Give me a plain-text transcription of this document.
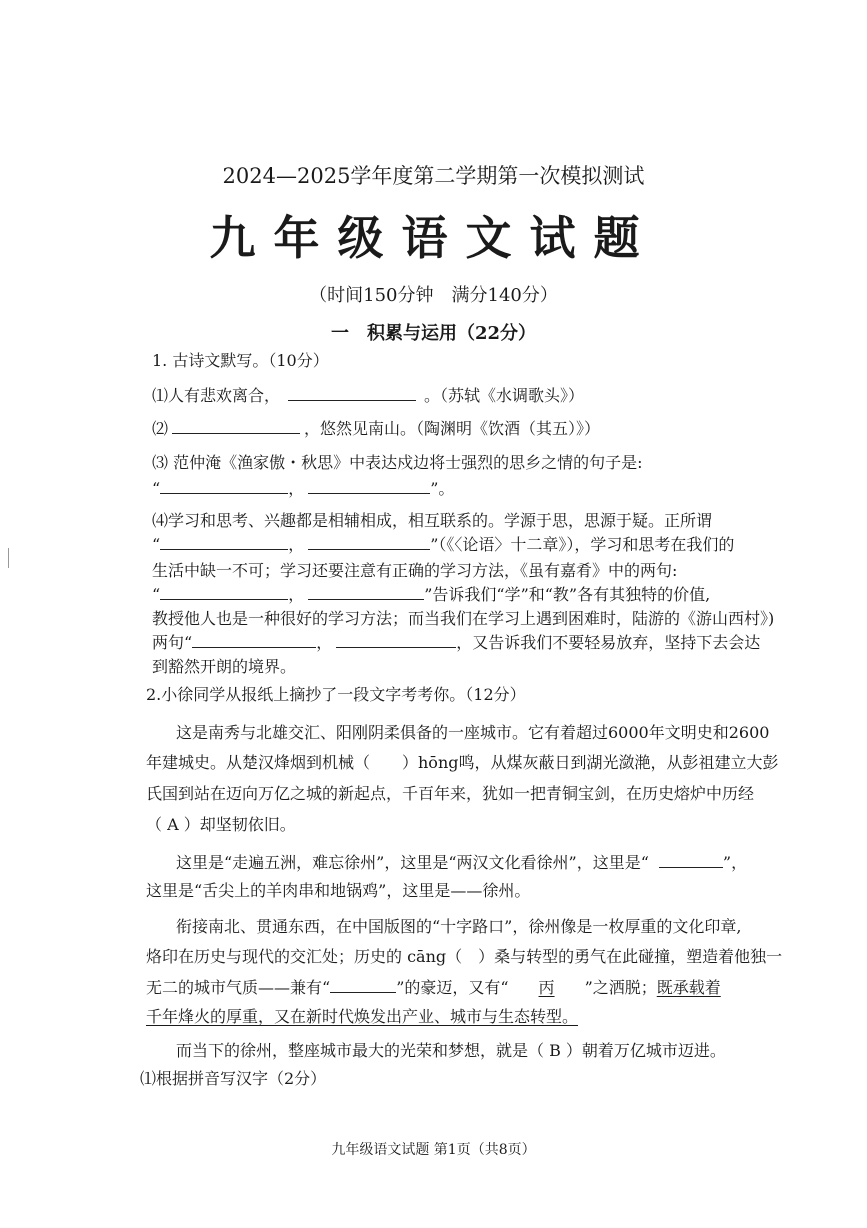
2024—2025学年度第二学期第一次模拟测试
九年级语文试题
（时间150分钟　满分140分）
一　积累与运用（22分）
1. 古诗文默写。（10分）
⑴人有悲欢离合，	。（苏轼《水调歌头》）
⑵	，悠然见南山。（陶渊明《饮酒（其五）》）
⑶ 范仲淹《渔家傲・秋思》中表达戍边将士强烈的思乡之情的句子是:
“	，	”。
⑷学习和思考、兴趣都是相辅相成，相互联系的。学源于思，思源于疑。正所谓
“	，	”（《〈论语〉十二章》），学习和思考在我们的
生活中缺一不可；学习还要注意有正确的学习方法，《虽有嘉肴》中的两句:
“	，	”告诉我们“学”和“教”各有其独特的价值,
教授他人也是一种很好的学习方法；而当我们在学习上遇到困难时，陆游的《游山西村》)
两句“	，	，又告诉我们不要轻易放弃，坚持下去会达
到豁然开朗的境界。
2.小徐同学从报纸上摘抄了一段文字考考你。（12分）
这是南秀与北雄交汇、阳刚阴柔俱备的一座城市。它有着超过6000年文明史和2600
年建城史。从楚汉烽烟到机械（　　）hōng鸣，从煤灰蔽日到湖光潋滟，从彭祖建立大彭
氏国到站在迈向万亿之城的新起点，千百年来，犹如一把青铜宝剑，在历史熔炉中历经
（ A ）却坚韧依旧。
这里是“走遍五洲，难忘徐州”，这里是“两汉文化看徐州”，这里是“	”，
这里是“舌尖上的羊肉串和地锅鸡”，这里是——徐州。
衔接南北、贯通东西，在中国版图的“十字路口”，徐州像是一枚厚重的文化印章,
烙印在历史与现代的交汇处；历史的 cāng（　）桑与转型的勇气在此碰撞，塑造着他独一
无二的城市气质——兼有“	”的豪迈，又有“ 丙 ”之洒脱；既承载着
千年烽火的厚重，又在新时代焕发出产业、城市与生态转型。
而当下的徐州，整座城市最大的光荣和梦想，就是（ B ）朝着万亿城市迈进。
⑴根据拼音写汉字（2分）
九年级语文试题 第1页（共8页）
